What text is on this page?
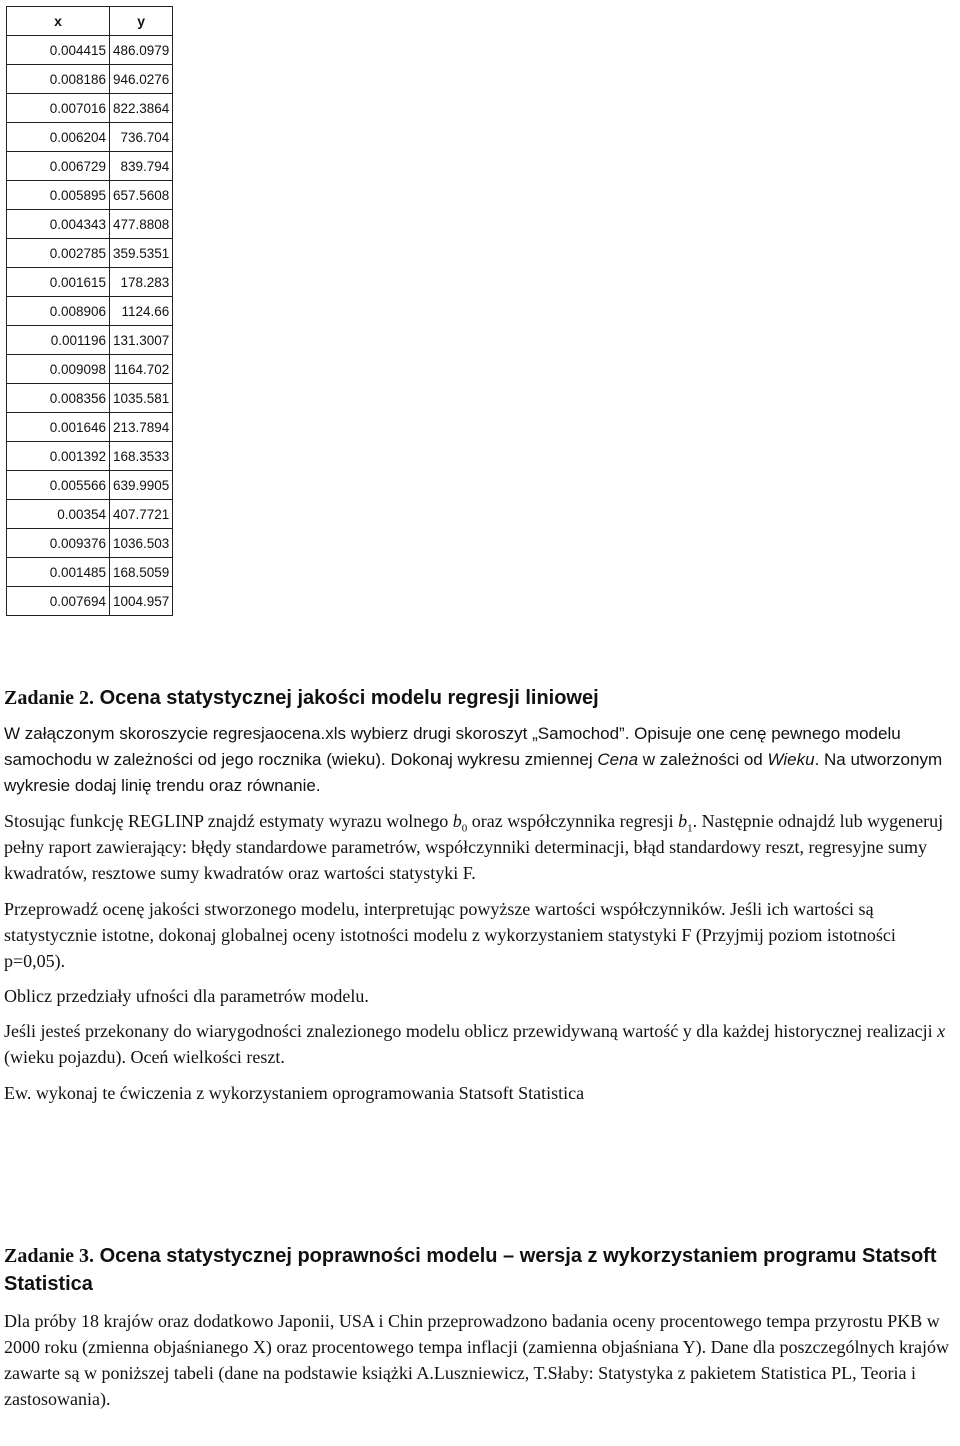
x	y
0.004415	486.0979
0.008186	946.0276
0.007016	822.3864
0.006204	736.704
0.006729	839.794
0.005895	657.5608
0.004343	477.8808
0.002785	359.5351
0.001615	178.283
0.008906	1124.66
0.001196	131.3007
0.009098	1164.702
0.008356	1035.581
0.001646	213.7894
0.001392	168.3533
0.005566	639.9905
0.00354	407.7721
0.009376	1036.503
0.001485	168.5059
0.007694	1004.957

Zadanie 2. Ocena statystycznej jakości modelu regresji liniowej

W załączonym skoroszycie regresjaocena.xls wybierz drugi skoroszyt „Samochod”. Opisuje one cenę pewnego modelu samochodu w zależności od jego rocznika (wieku). Dokonaj wykresu zmiennej Cena w zależności od Wieku. Na utworzonym wykresie dodaj linię trendu oraz równanie.

Stosując funkcję REGLINP znajdź estymaty wyrazu wolnego $b_0$ oraz współczynnika regresji $b_1$. Następnie odnajdź lub wygeneruj pełny raport zawierający: błędy standardowe parametrów, współczynniki determinacji, błąd standardowy reszt, regresyjne sumy kwadratów, resztowe sumy kwadratów oraz wartości statystyki F.

Przeprowadź ocenę jakości stworzonego modelu, interpretując powyższe wartości współczynników. Jeśli ich wartości są statystycznie istotne, dokonaj globalnej oceny istotności modelu z wykorzystaniem statystyki F (Przyjmij poziom istotności p=0,05).

Oblicz przedziały ufności dla parametrów modelu.

Jeśli jesteś przekonany do wiarygodności znalezionego modelu oblicz przewidywaną wartość y dla każdej historycznej realizacji x (wieku pojazdu). Oceń wielkości reszt.

Ew. wykonaj te ćwiczenia z wykorzystaniem oprogramowania Statsoft Statistica

Zadanie 3. Ocena statystycznej poprawności modelu – wersja z wykorzystaniem programu Statsoft Statistica

Dla próby 18 krajów oraz dodatkowo Japonii, USA i Chin przeprowadzono badania oceny procentowego tempa przyrostu PKB w 2000 roku (zmienna objaśnianego X) oraz procentowego tempa inflacji (zamienna objaśniana Y). Dane dla poszczególnych krajów zawarte są w poniższej tabeli (dane na podstawie książki A.Luszniewicz, T.Słaby: Statystyka z pakietem Statistica PL, Teoria i zastosowania).
